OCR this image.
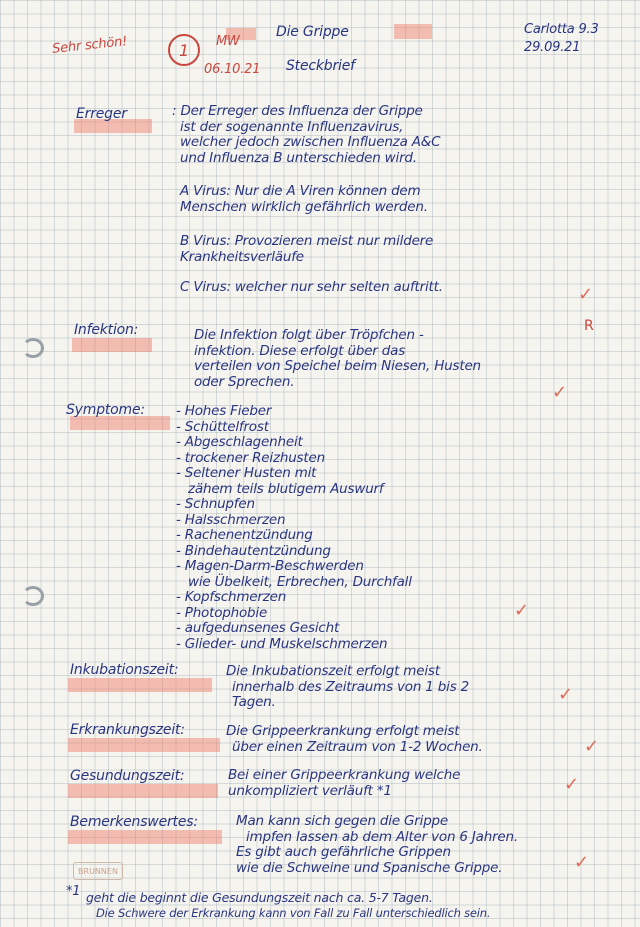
Sehr schön!	1 MW
06.10.21
Die Grippe
Steckbrief
Carlotta 9.3
29.09.21
Erreger	: Der Erreger des Influenza der Grippe
ist der sogenannte Influenzavirus,
welcher jedoch zwischen Influenza A&C
und Influenza B unterschieden wird.
A Virus: Nur die A Viren können dem
Menschen wirklich gefährlich werden.
B Virus: Provozieren meist nur mildere
Krankheitsverläufe
C Virus: welcher nur sehr selten auftritt.	✓
Infektion:	Die Infektion folgt über Tröpfchen -
infektion. Diese erfolgt über das
verteilen von Speichel beim Niesen, Husten
oder Sprechen.
R
✓
Symptome: - Hohes Fieber
- Schüttelfrost
- Abgeschlagenheit
- trockener Reizhusten
- Seltener Husten mit
zähem teils blutigem Auswurf
- Schnupfen
- Halsschmerzen
- Rachenentzündung
- Bindehautentzündung
- Magen-Darm-Beschwerden
wie Übelkeit, Erbrechen, Durchfall
- Kopfschmerzen
- Photophobie
- aufgedunsenes Gesicht
- Glieder- und Muskelschmerzen
✓
Inkubationszeit:	Die Inkubationszeit erfolgt meist
innerhalb des Zeitraums von 1 bis 2
Tagen.	✓
Erkrankungszeit:	Die Grippeerkrankung erfolgt meist
über einen Zeitraum von 1-2 Wochen.	✓
Gesundungszeit:	Bei einer Grippeerkrankung welche
unkompliziert verläuft *1	✓
Bemerkenswertes:	Man kann sich gegen die Grippe
impfen lassen ab dem Alter von 6 Jahren.
Es gibt auch gefährliche Grippen
wie die Schweine und Spanische Grippe.	✓
BRUNNEN
*1 geht die beginnt die Gesundungszeit nach ca. 5-7 Tagen.
Die Schwere der Erkrankung kann von Fall zu Fall unterschiedlich sein.
